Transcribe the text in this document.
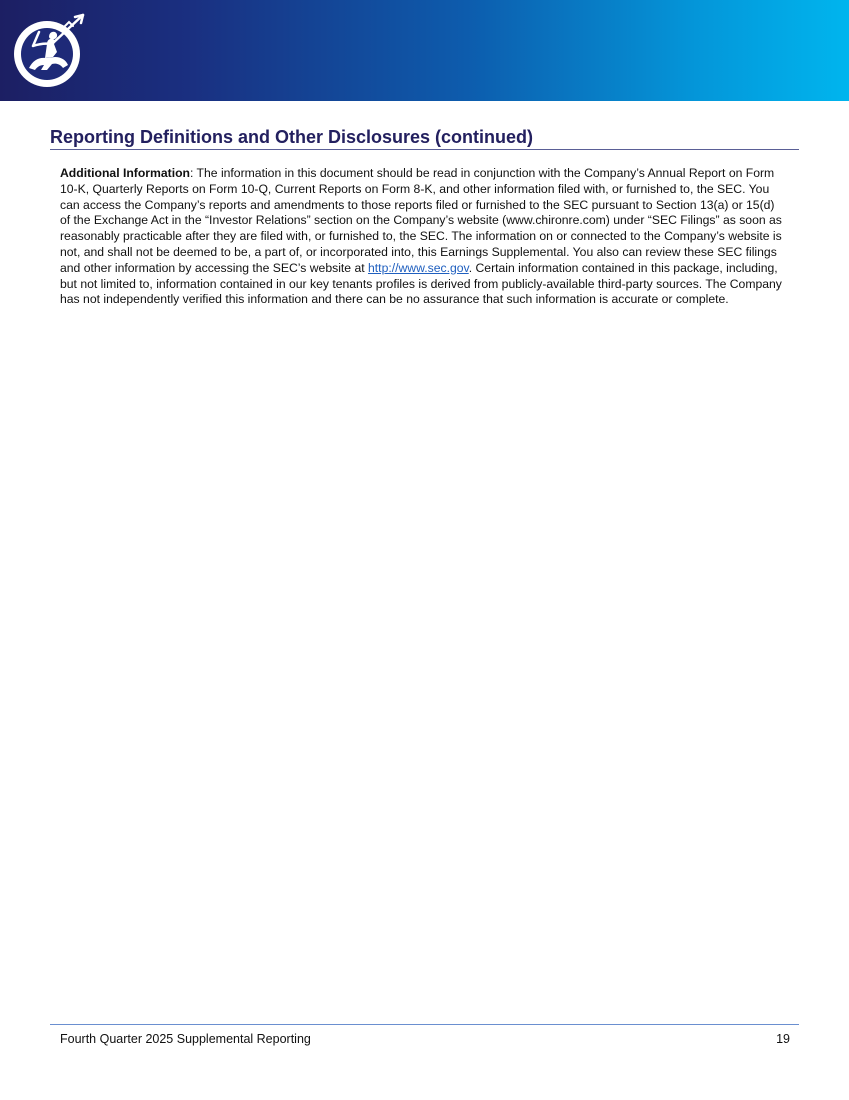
Reporting Definitions and Other Disclosures (continued)

Additional Information: The information in this document should be read in conjunction with the Company’s Annual Report on Form 10-K, Quarterly Reports on Form 10-Q, Current Reports on Form 8-K, and other information filed with, or furnished to, the SEC. You can access the Company’s reports and amendments to those reports filed or furnished to the SEC pursuant to Section 13(a) or 15(d) of the Exchange Act in the “Investor Relations” section on the Company’s website (www.chironre.com) under “SEC Filings” as soon as reasonably practicable after they are filed with, or furnished to, the SEC. The information on or connected to the Company’s website is not, and shall not be deemed to be, a part of, or incorporated into, this Earnings Supplemental. You also can review these SEC filings and other information by accessing the SEC’s website at http://www.sec.gov. Certain information contained in this package, including, but not limited to, information contained in our key tenants profiles is derived from publicly-available third-party sources. The Company has not independently verified this information and there can be no assurance that such information is accurate or complete.

Fourth Quarter 2025 Supplemental Reporting	19
